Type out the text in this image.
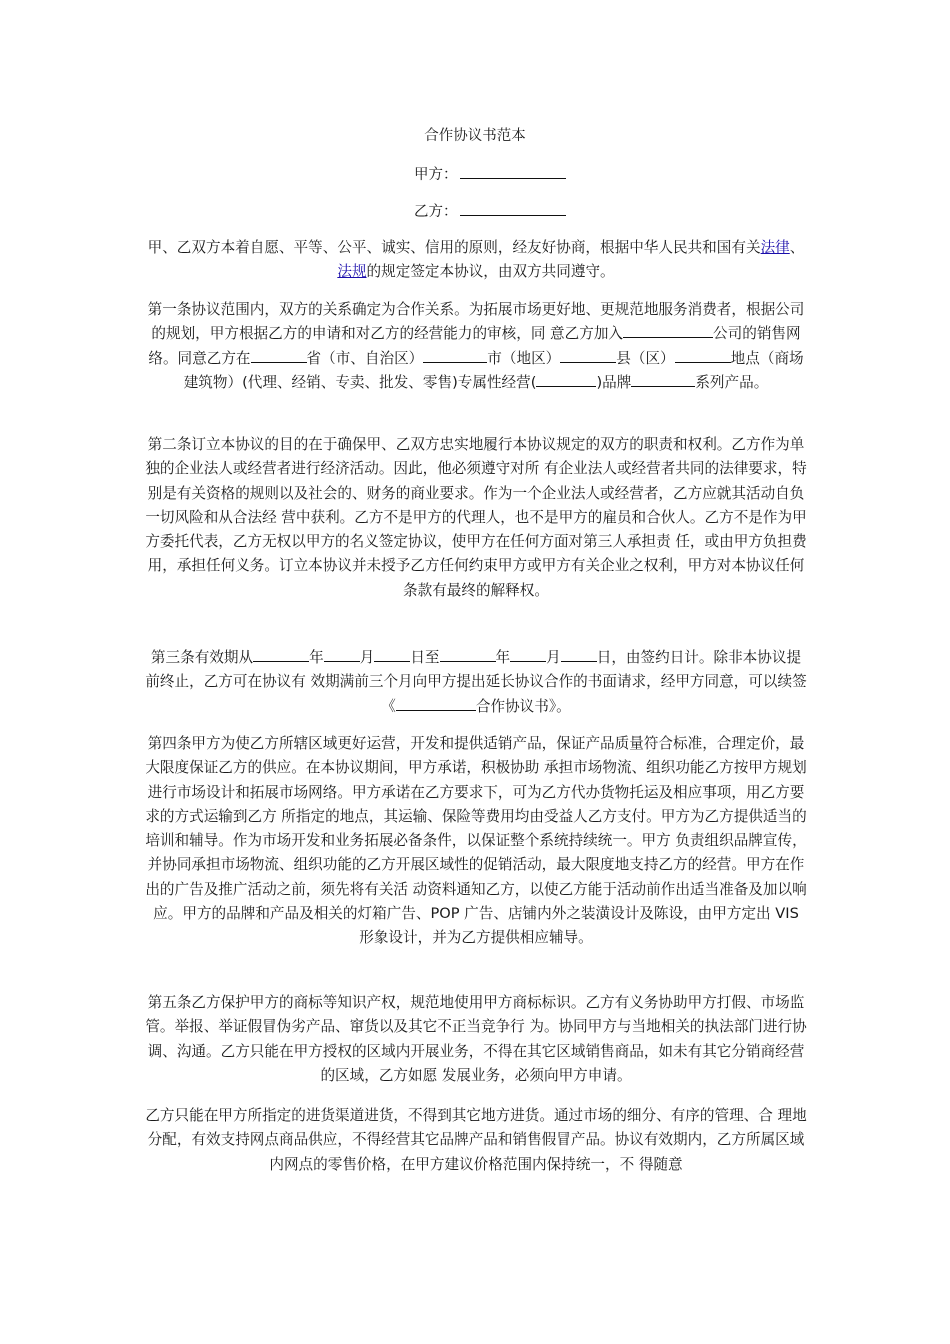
合作协议书范本
甲方：
乙方：

甲、乙双方本着自愿、平等、公平、诚实、信用的原则，经友好协商，根据中华人民共和国有关法律、法规的规定签定本协议，由双方共同遵守。

第一条协议范围内，双方的关系确定为合作关系。为拓展市场更好地、更规范地服务消费者，根据公司的规划，甲方根据乙方的申请和对乙方的经营能力的审核，同 意乙方加入	公司的销售网络。同意乙方在	省（市、自治区）	市（地区）	县（区）	地点（商场建筑物）(代理、经销、专卖、批发、零售)专属性经营(	)品牌	系列产品。

第二条订立本协议的目的在于确保甲、乙双方忠实地履行本协议规定的双方的职责和权利。乙方作为单独的企业法人或经营者进行经济活动。因此，他必须遵守对所 有企业法人或经营者共同的法律要求，特别是有关资格的规则以及社会的、财务的商业要求。作为一个企业法人或经营者，乙方应就其活动自负一切风险和从合法经 营中获利。乙方不是甲方的代理人，也不是甲方的雇员和合伙人。乙方不是作为甲方委托代表，乙方无权以甲方的名义签定协议，使甲方在任何方面对第三人承担责 任，或由甲方负担费用，承担任何义务。订立本协议并未授予乙方任何约束甲方或甲方有关企业之权利，甲方对本协议任何条款有最终的解释权。

第三条有效期从	年 月 日至	年 月 日，由签约日计。除非本协议提前终止，乙方可在协议有 效期满前三个月向甲方提出延长协议合作的书面请求，经甲方同意，可以续签《	合作协议书》。

第四条甲方为使乙方所辖区域更好运营，开发和提供适销产品，保证产品质量符合标准，合理定价，最大限度保证乙方的供应。在本协议期间，甲方承诺，积极协助 承担市场物流、组织功能乙方按甲方规划进行市场设计和拓展市场网络。甲方承诺在乙方要求下，可为乙方代办货物托运及相应事项，用乙方要求的方式运输到乙方 所指定的地点，其运输、保险等费用均由受益人乙方支付。甲方为乙方提供适当的培训和辅导。作为市场开发和业务拓展必备条件，以保证整个系统持续统一。甲方 负责组织品牌宣传，并协同承担市场物流、组织功能的乙方开展区域性的促销活动，最大限度地支持乙方的经营。甲方在作出的广告及推广活动之前，须先将有关活 动资料通知乙方，以使乙方能于活动前作出适当准备及加以响应。甲方的品牌和产品及相关的灯箱广告、POP 广告、店铺内外之装潢设计及陈设，由甲方定出 VIS 形象设计，并为乙方提供相应辅导。

第五条乙方保护甲方的商标等知识产权，规范地使用甲方商标标识。乙方有义务协助甲方打假、市场监管。举报、举证假冒伪劣产品、窜货以及其它不正当竞争行 为。协同甲方与当地相关的执法部门进行协调、沟通。乙方只能在甲方授权的区域内开展业务，不得在其它区域销售商品，如未有其它分销商经营的区域，乙方如愿 发展业务，必须向甲方申请。

乙方只能在甲方所指定的进货渠道进货，不得到其它地方进货。通过市场的细分、有序的管理、合 理地分配，有效支持网点商品供应，不得经营其它品牌产品和销售假冒产品。协议有效期内，乙方所属区域内网点的零售价格，在甲方建议价格范围内保持统一，不 得随意
